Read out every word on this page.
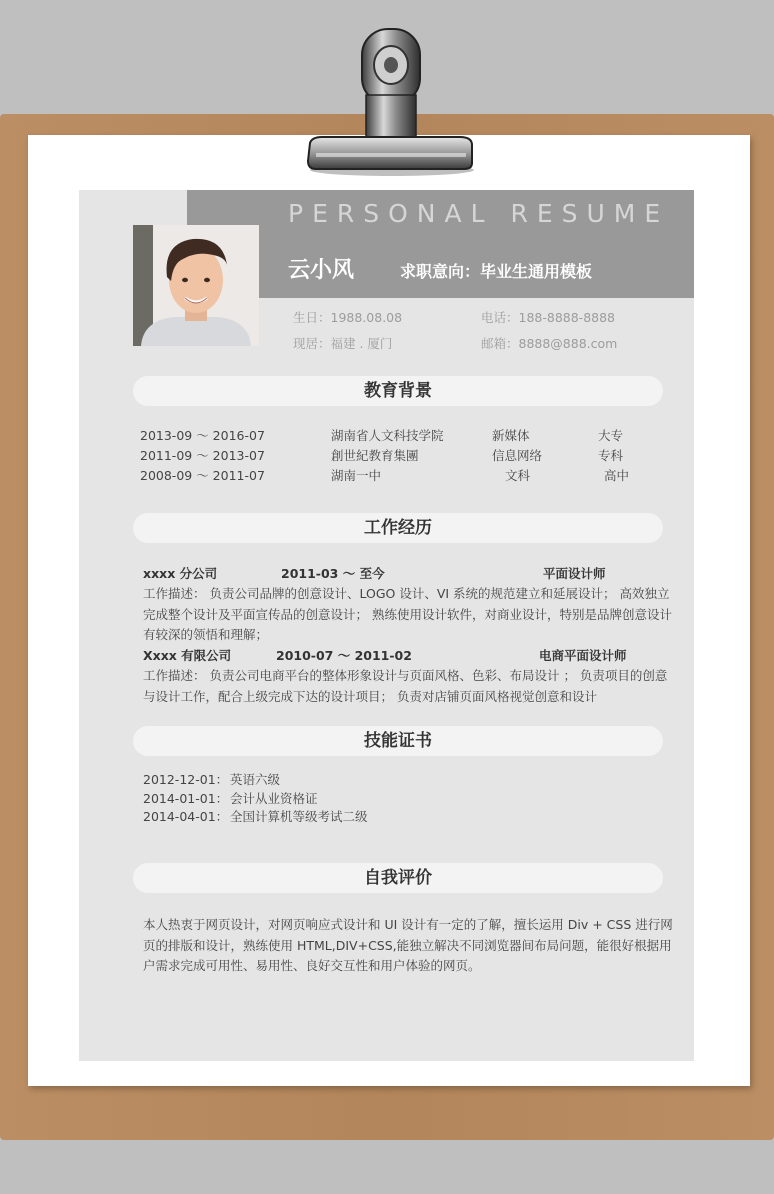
PERSONAL RESUME
云小风	求职意向：毕业生通用模板
生日：1988.08.08	电话：188-8888-8888
现居：福建 . 厦门	邮箱：8888@888.com
教育背景
2013-09 ～ 2016-07	湖南省人文科技学院	新媒体	大专
2011-09 ～ 2013-07	創世紀教育集團	信息网络	专科
2008-09 ～ 2011-07	湖南一中	文科	高中
工作经历
xxxx 分公司	2011-03 ～ 至今	平面设计师

工作描述： 负责公司品牌的创意设计、LOGO 设计、VI 系统的规范建立和延展设计； 高效独立

完成整个设计及平面宣传品的创意设计； 熟练使用设计软件，对商业设计，特别是品牌创意设计

有较深的领悟和理解；

Xxxx 有限公司	2010-07 ～ 2011-02	电商平面设计师

工作描述： 负责公司电商平台的整体形象设计与页面风格、色彩、布局设计 ； 负责项目的创意

与设计工作，配合上级完成下达的设计项目； 负责对店铺页面风格视觉创意和设计

技能证书
2012-12-01： 英语六级
2014-01-01： 会计从业资格证
2014-04-01： 全国计算机等级考试二级
自我评价

本人热衷于网页设计，对网页响应式设计和 UI 设计有一定的了解，擅长运用 Div + CSS 进行网

页的排版和设计，熟练使用 HTML,DIV+CSS,能独立解决不同浏览器间布局问题，能很好根据用

户需求完成可用性、易用性、良好交互性和用户体验的网页。
